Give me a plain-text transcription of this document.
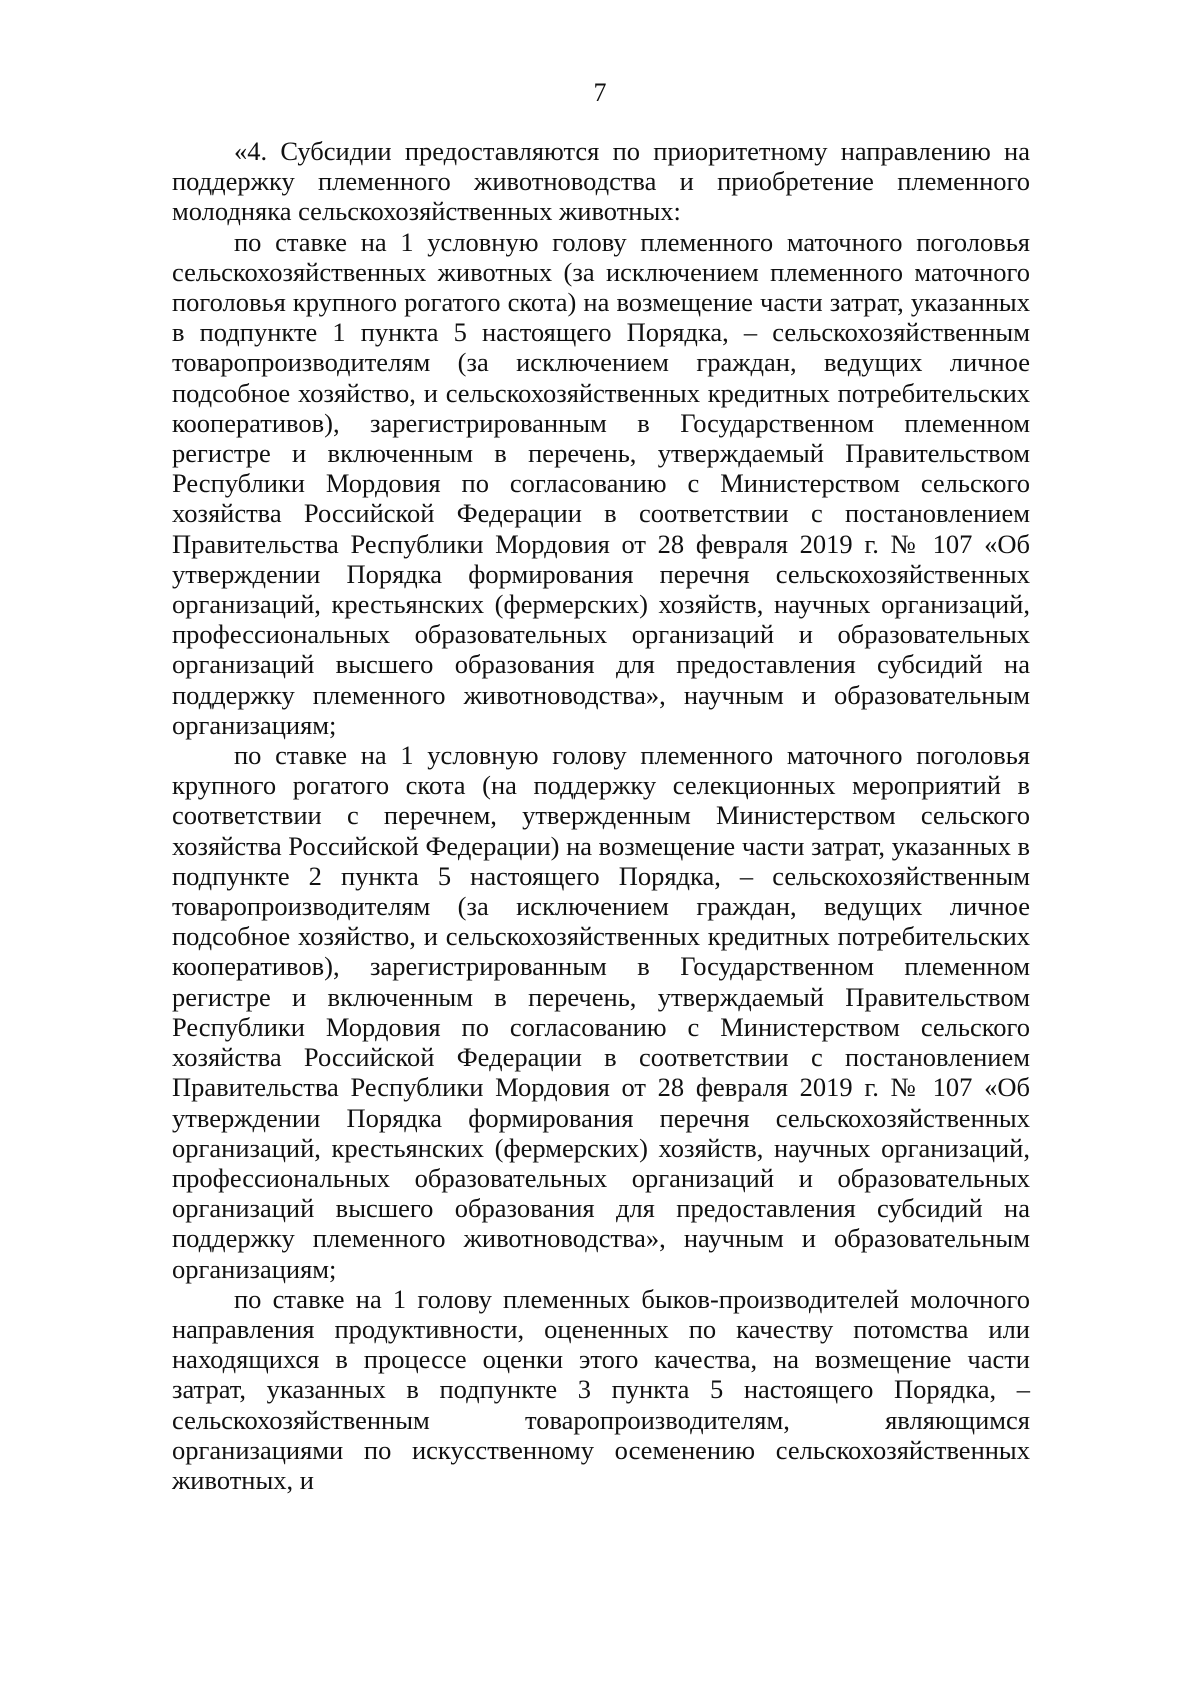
7

«4. Субсидии предоставляются по приоритетному направлению на поддержку племенного животноводства и приобретение племенного молодняка сельскохозяйственных животных:

по ставке на 1 условную голову племенного маточного поголовья сельскохозяйственных животных (за исключением племенного маточного поголовья крупного рогатого скота) на возмещение части затрат, указанных в подпункте 1 пункта 5 настоящего Порядка, – сельскохозяйственным товаропроизводителям (за исключением граждан, ведущих личное подсобное хозяйство, и сельскохозяйственных кредитных потребительских кооперативов), зарегистрированным в Государственном племенном регистре и включенным в перечень, утверждаемый Правительством Республики Мордовия по согласованию с Министерством сельского хозяйства Российской Федерации в соответствии с постановлением Правительства Республики Мордовия от 28 февраля 2019 г. № 107 «Об утверждении Порядка формирования перечня сельскохозяйственных организаций, крестьянских (фермерских) хозяйств, научных организаций, профессиональных образовательных организаций и образовательных организаций высшего образования для предоставления субсидий на поддержку племенного животноводства», научным и образовательным организациям;

по ставке на 1 условную голову племенного маточного поголовья крупного рогатого скота (на поддержку селекционных мероприятий в соответствии с перечнем, утвержденным Министерством сельского хозяйства Российской Федерации) на возмещение части затрат, указанных в подпункте 2 пункта 5 настоящего Порядка, – сельскохозяйственным товаропроизводителям (за исключением граждан, ведущих личное подсобное хозяйство, и сельскохозяйственных кредитных потребительских кооперативов), зарегистрированным в Государственном племенном регистре и включенным в перечень, утверждаемый Правительством Республики Мордовия по согласованию с Министерством сельского хозяйства Российской Федерации в соответствии с постановлением Правительства Республики Мордовия от 28 февраля 2019 г. № 107 «Об утверждении Порядка формирования перечня сельскохозяйственных организаций, крестьянских (фермерских) хозяйств, научных организаций, профессиональных образовательных организаций и образовательных организаций высшего образования для предоставления субсидий на поддержку племенного животноводства», научным и образовательным организациям;

по ставке на 1 голову племенных быков-производителей молочного направления продуктивности, оцененных по качеству потомства или находящихся в процессе оценки этого качества, на возмещение части затрат, указанных в подпункте 3 пункта 5 настоящего Порядка, – сельскохозяйственным товаропроизводителям, являющимся организациями по искусственному осеменению сельскохозяйственных животных, и
